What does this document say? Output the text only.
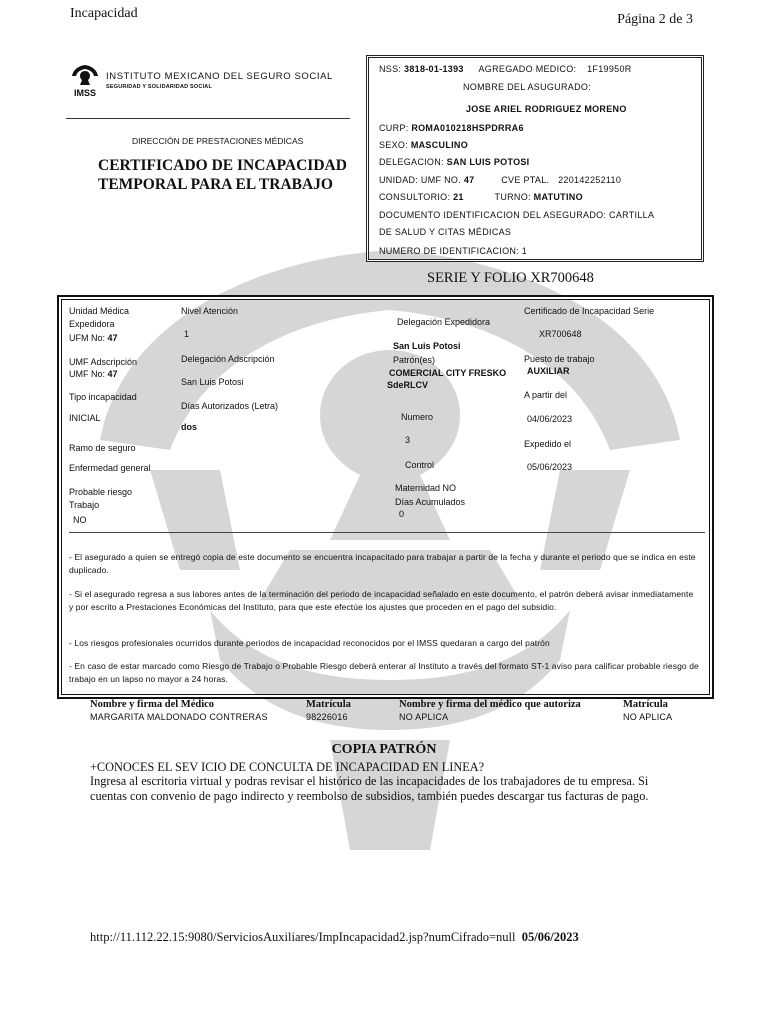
Incapacidad	Página 2 de 3
IMSS
INSTITUTO MEXICANO DEL SEGURO SOCIAL
SEGURIDAD Y SOLIDARIDAD SOCIAL
DIRECCIÓN DE PRESTACIONES MÉDICAS
CERTIFICADO DE INCAPACIDAD
TEMPORAL PARA EL TRABAJO
NSS: 3818-01-1393 AGREGADO MEDICO: 1F19950R
NOMBRE DEL ASUGURADO:
JOSE ARIEL RODRIGUEZ MORENO
CURP: ROMA010218HSPDRRA6
SEXO: MASCULINO
DELEGACION: SAN LUIS POTOSI
UNIDAD: UMF NO. 47	CVE PTAL. 220142252110
CONSULTORIO: 21	TURNO: MATUTINO
DOCUMENTO IDENTIFICACION DEL ASEGURADO: CARTILLA
DE SALUD Y CITAS MÉDICAS
NUMERO DE IDENTIFICACION: 1
SERIE Y FOLIO XR700648
Unidad Médica
Expedidora
UFM No: 47
UMF Adscripción
UMF No: 47
Tipo incapacidad
INICIAL
Ramo de seguro
Enfermedad general
Probable riesgo
Trabajo
NO
Nivel Atención
1
Delegación Adscripción
San Luis Potosi
Días Autorizados (Letra)
dos
Delegación Expedidora
San Luis Potosi
Patrón(es)
COMERCIAL CITY FRESKO
SdeRLCV
Numero
3
Control
Maternidad NO
Días Acumulados
0
Certificado de Incapacidad Serie
XR700648
Puesto de trabajo
AUXILIAR
A partir del
04/06/2023
Expedido el
05/06/2023
- El asegurado a quien se entregó copia de este documento se encuentra incapacitado para trabajar a partir de la fecha y durante el periodo que se indica en este duplicado.
- Si el asegurado regresa a sus labores antes de la terminación del periodo de incapacidad señalado en este documento, el patrón deberá avisar inmediatamente y por escrito a Prestaciones Económicas del Instituto, para que este efectúe los ajustes que proceden en el pago del subsidio.
- Los riesgos profesionales ocurridos durante periodos de incapacidad reconocidos por el IMSS quedaran a cargo del patrón
- En caso de estar marcado como Riesgo de Trabajo o Probable Riesgo deberá enterar al Instituto a través del formato ST-1 aviso para calificar probable riesgo de trabajo en un lapso no mayor a 24 horas.
Nombre y firma del Médico
MARGARITA MALDONADO CONTRERAS
Matrícula
98226016
Nombre y firma del médico que autoriza
NO APLICA
Matrícula
NO APLICA
COPIA PATRÓN
+CONOCES EL SEV ICIO DE CONCULTA DE INCAPACIDAD EN LINEA?
Ingresa al escritoria virtual y podras revisar el histórico de las incapacidades de los trabajadores de tu empresa. Si
cuentas con convenio de pago indirecto y reembolso de subsidios, también puedes descargar tus facturas de pago.
http://11.112.22.15:9080/ServiciosAuxiliares/ImpIncapacidad2.jsp?numCifrado=null 05/06/2023
